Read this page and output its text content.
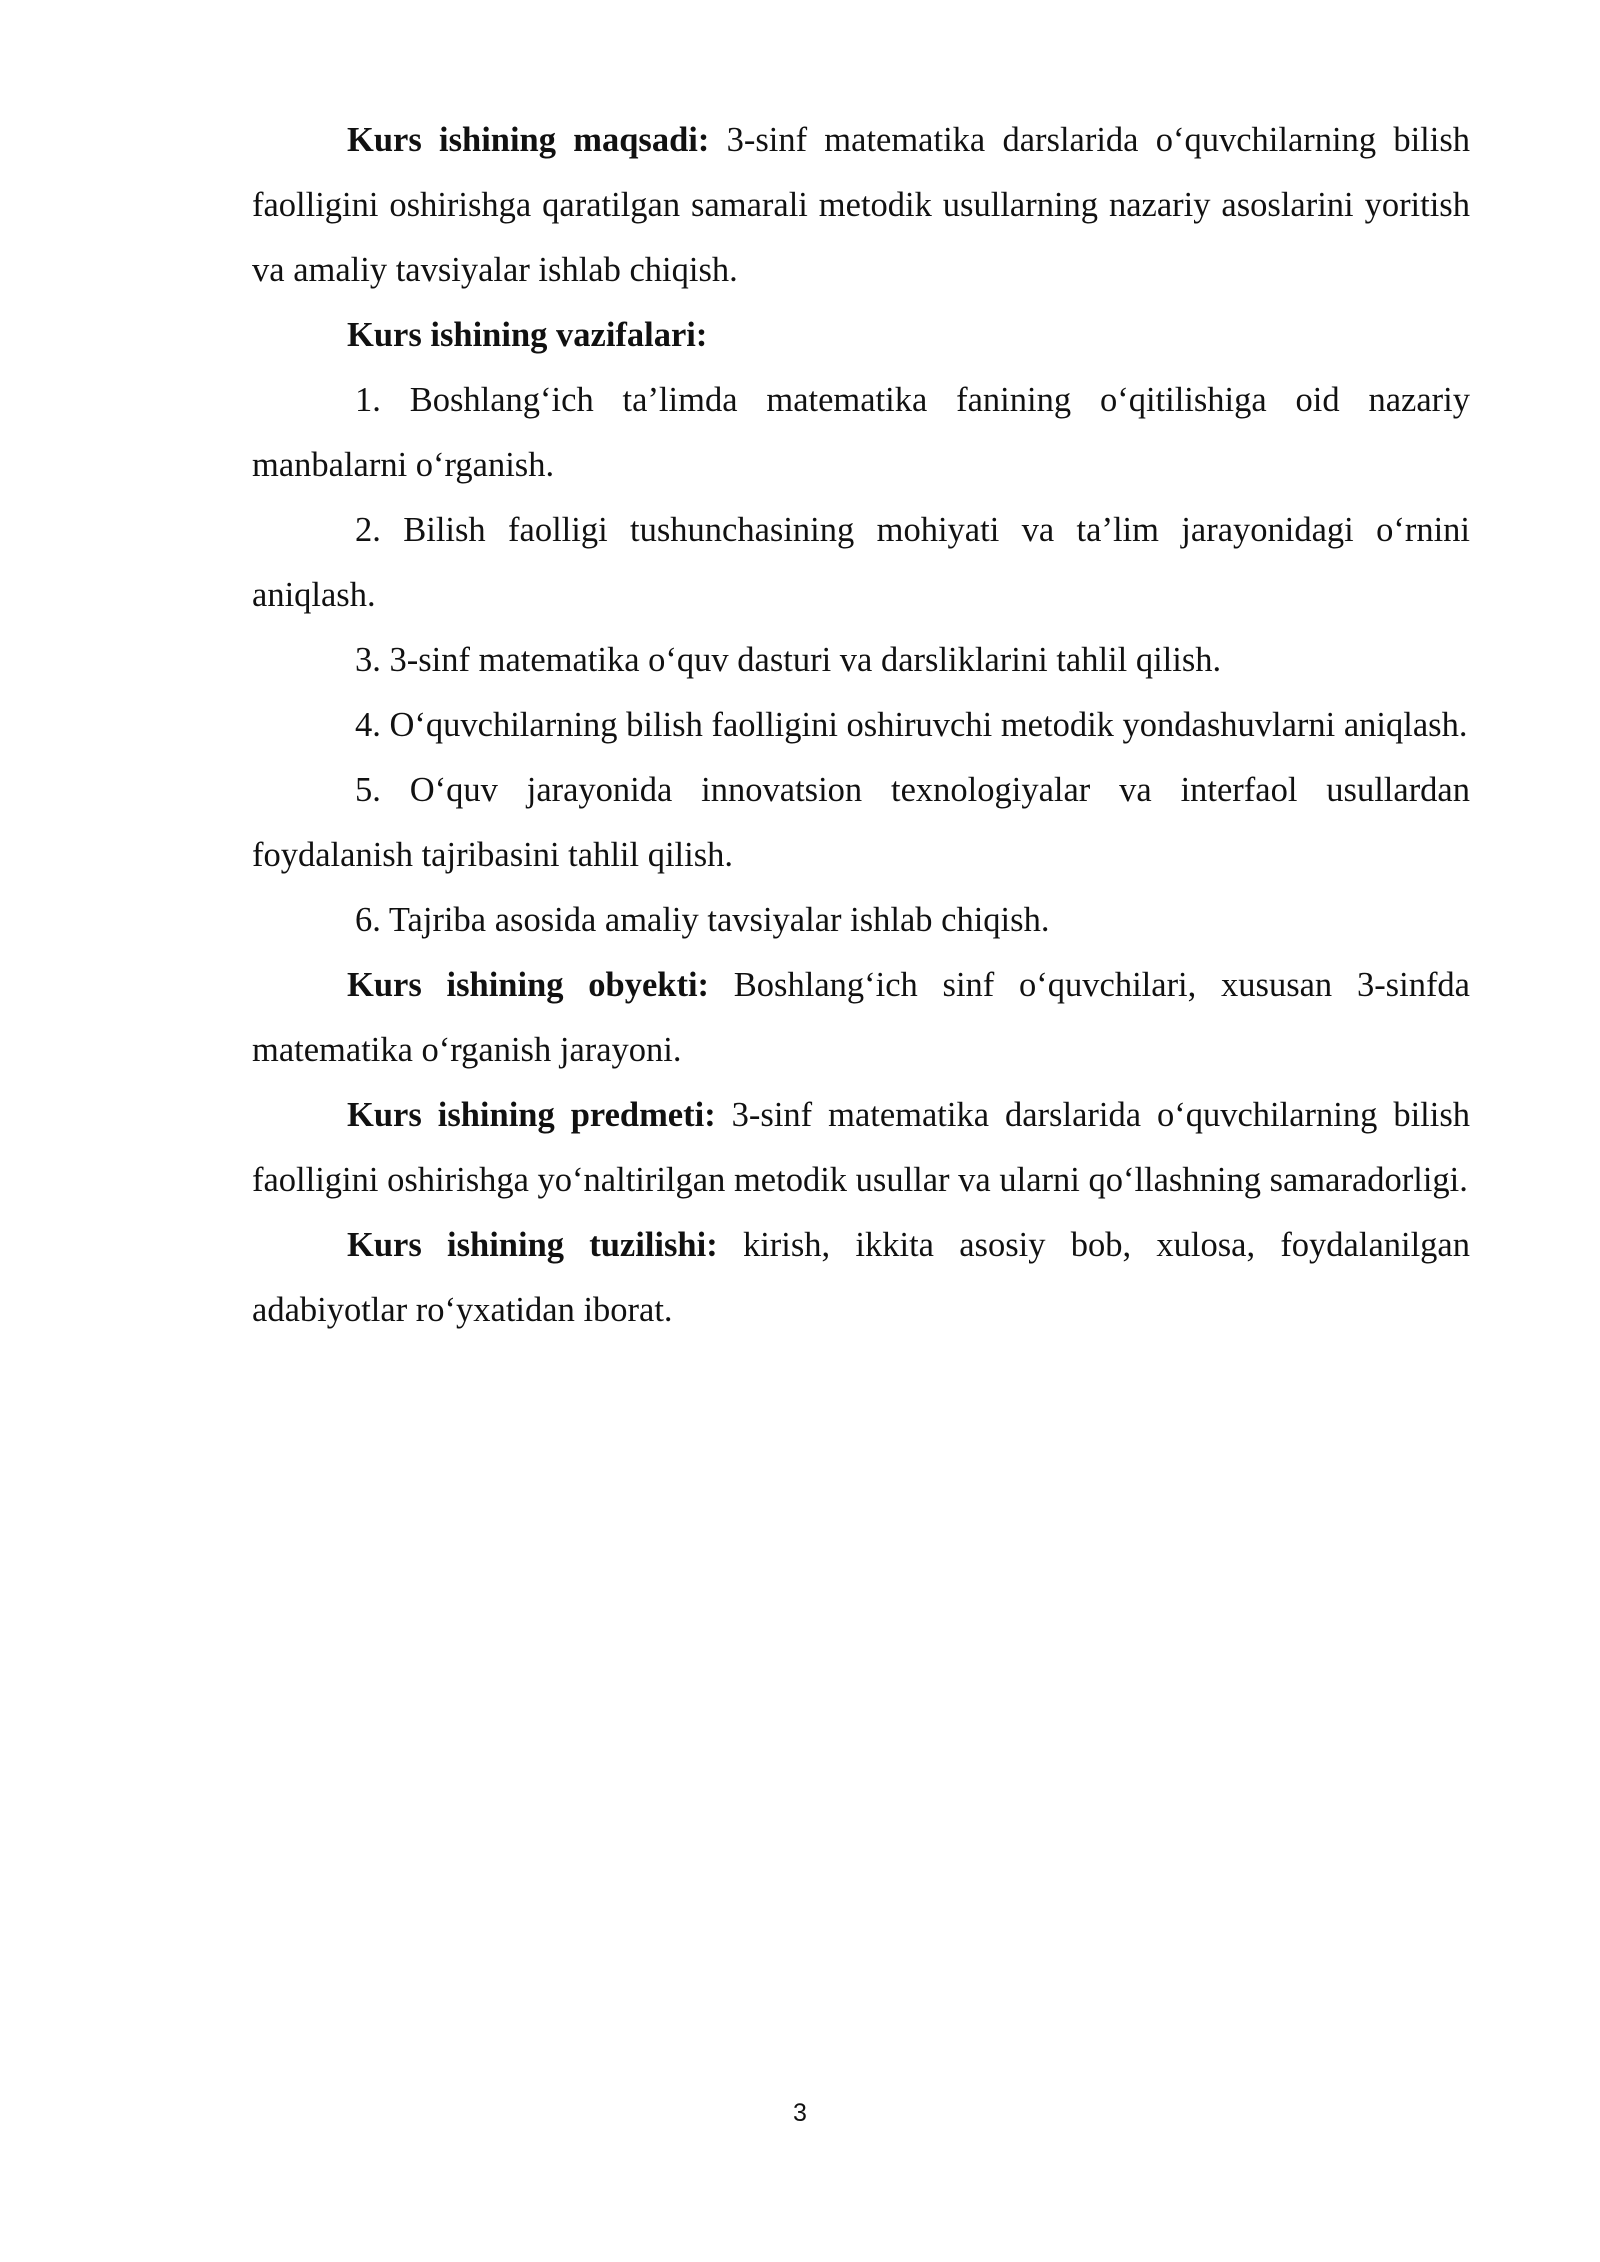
Kurs ishining maqsadi: 3-sinf matematika darslarida o‘quvchilarning bilish faolligini oshirishga qaratilgan samarali metodik usullarning nazariy asoslarini yoritish va amaliy tavsiyalar ishlab chiqish.

Kurs ishining vazifalari:

1. Boshlang‘ich ta’limda matematika fanining o‘qitilishiga oid nazariy manbalarni o‘rganish.

2. Bilish faolligi tushunchasining mohiyati va ta’lim jarayonidagi o‘rnini aniqlash.

3. 3-sinf matematika o‘quv dasturi va darsliklarini tahlil qilish.

4. O‘quvchilarning bilish faolligini oshiruvchi metodik yondashuvlarni aniqlash.

5. O‘quv jarayonida innovatsion texnologiyalar va interfaol usullardan foydalanish tajribasini tahlil qilish.

6. Tajriba asosida amaliy tavsiyalar ishlab chiqish.

Kurs ishining obyekti: Boshlang‘ich sinf o‘quvchilari, xususan 3-sinfda matematika o‘rganish jarayoni.

Kurs ishining predmeti: 3-sinf matematika darslarida o‘quvchilarning bilish faolligini oshirishga yo‘naltirilgan metodik usullar va ularni qo‘llashning samaradorligi.

Kurs ishining tuzilishi: kirish, ikkita asosiy bob, xulosa, foydalanilgan adabiyotlar ro‘yxatidan iborat.

3
